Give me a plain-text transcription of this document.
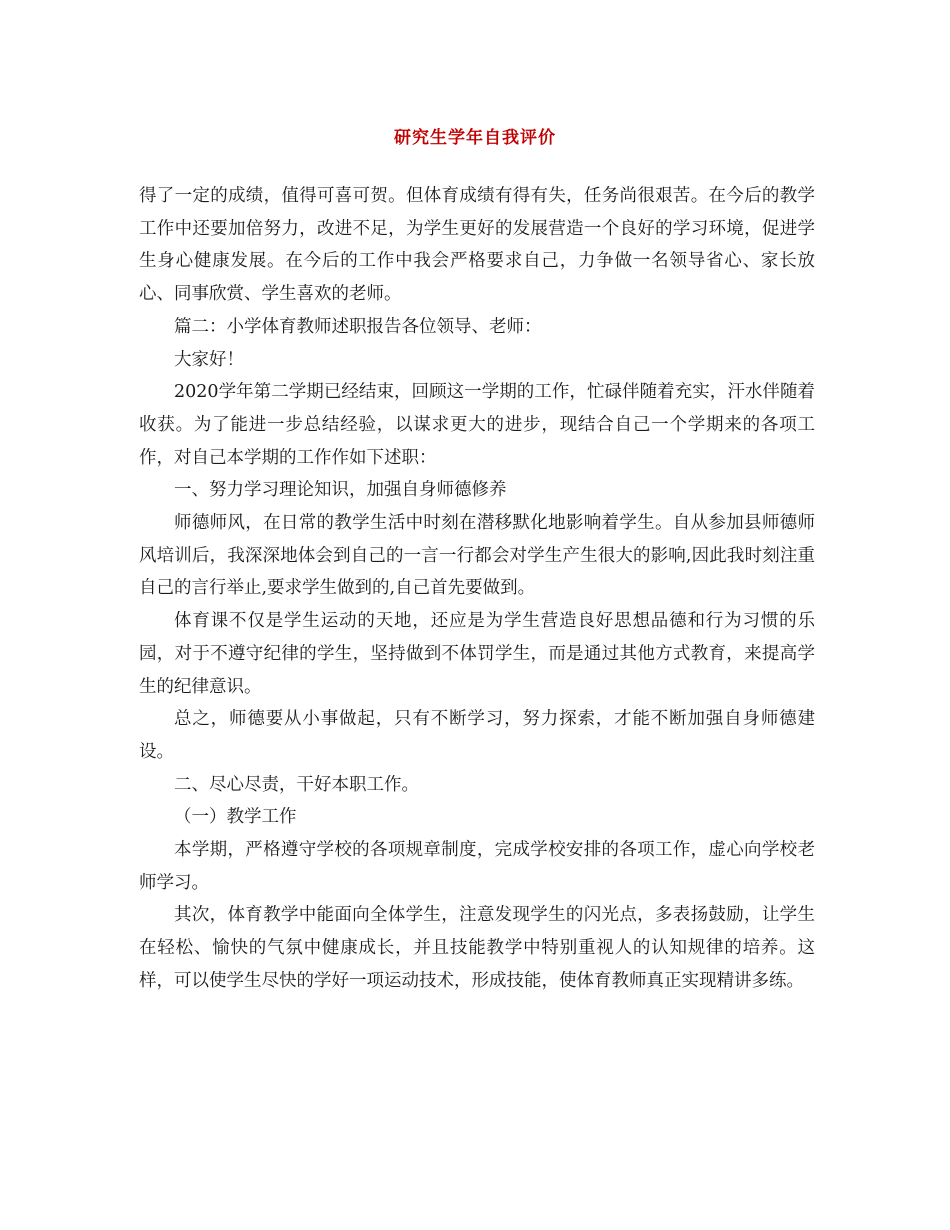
研究生学年自我评价

得了一定的成绩，值得可喜可贺。但体育成绩有得有失，任务尚很艰苦。在今后的教学工作中还要加倍努力，改进不足，为学生更好的发展营造一个良好的学习环境，促进学生身心健康发展。在今后的工作中我会严格要求自己，力争做一名领导省心、家长放心、同事欣赏、学生喜欢的老师。

篇二：小学体育教师述职报告各位领导、老师：

大家好！

2020学年第二学期已经结束，回顾这一学期的工作，忙碌伴随着充实，汗水伴随着收获。为了能进一步总结经验，以谋求更大的进步，现结合自己一个学期来的各项工作，对自己本学期的工作作如下述职：

一、努力学习理论知识，加强自身师德修养

师德师风，在日常的教学生活中时刻在潜移默化地影响着学生。自从参加县师德师风培训后，我深深地体会到自己的一言一行都会对学生产生很大的影响,因此我时刻注重自己的言行举止,要求学生做到的,自己首先要做到。

体育课不仅是学生运动的天地，还应是为学生营造良好思想品德和行为习惯的乐园，对于不遵守纪律的学生，坚持做到不体罚学生，而是通过其他方式教育，来提高学生的纪律意识。

总之，师德要从小事做起，只有不断学习，努力探索，才能不断加强自身师德建设。

二、尽心尽责，干好本职工作。

（一）教学工作

本学期，严格遵守学校的各项规章制度，完成学校安排的各项工作，虚心向学校老师学习。

其次，体育教学中能面向全体学生，注意发现学生的闪光点，多表扬鼓励，让学生在轻松、愉快的气氛中健康成长，并且技能教学中特别重视人的认知规律的培养。这样，可以使学生尽快的学好一项运动技术，形成技能，使体育教师真正实现精讲多练。
